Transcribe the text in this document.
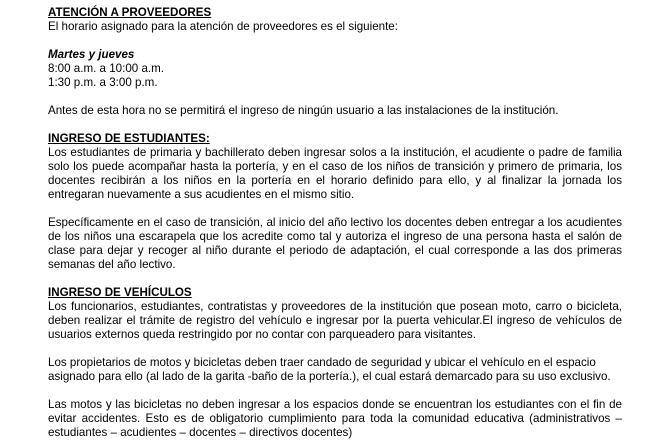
ATENCIÓN A PROVEEDORES

El horario asignado para la atención de proveedores es el siguiente:

Martes y jueves
8:00 a.m. a 10:00 a.m.
1:30 p.m. a 3:00 p.m.

Antes de esta hora no se permitirá el ingreso de ningún usuario a las instalaciones de la institución.

INGRESO DE ESTUDIANTES:

Los estudiantes de primaria y bachillerato deben ingresar solos a la institución, el acudiente o padre de familia solo los puede acompañar hasta la portería, y en el caso de los niños de transición y primero de primaria, los docentes recibirán a los niños en la portería en el horario definido para ello, y al finalizar la jornada los entregaran nuevamente a sus acudientes en el mismo sitio.

Específicamente en el caso de transición, al inicio del año lectivo los docentes deben entregar a los acudientes de los niños una escarapela que los acredite como tal y autoriza el ingreso de una persona hasta el salón de clase para dejar y recoger al niño durante el periodo de adaptación, el cual corresponde a las dos primeras semanas del año lectivo.

INGRESO DE VEHÍCULOS

Los funcionarios, estudiantes, contratistas y proveedores de la institución que posean moto, carro o bicicleta, deben realizar el trámite de registro del vehículo e ingresar por la puerta vehicular.El ingreso de vehículos de usuarios externos queda restringido por no contar con parqueadero para visitantes.

Los propietarios de motos y bicicletas deben traer candado de seguridad y ubicar el vehículo en el espacio asignado para ello (al lado de la garita -baño de la portería.), el cual estará demarcado para su uso exclusivo.

Las motos y las bicicletas no deben ingresar a los espacios donde se encuentran los estudiantes con el fin de evitar accidentes. Esto es de obligatorio cumplimiento para toda la comunidad educativa (administrativos – estudiantes – acudientes – docentes – directivos docentes)
